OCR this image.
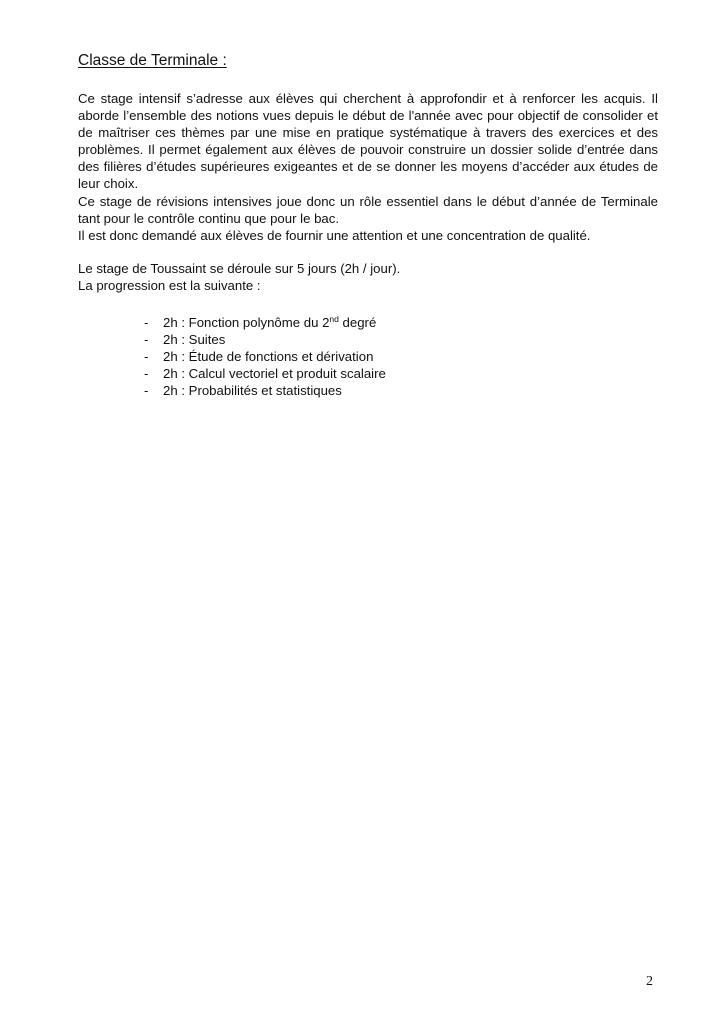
Classe de Terminale :

Ce stage intensif s’adresse aux élèves qui cherchent à approfondir et à renforcer les acquis. Il aborde l’ensemble des notions vues depuis le début de l'année avec pour objectif de consolider et de maîtriser ces thèmes par une mise en pratique systématique à travers des exercices et des problèmes. Il permet également aux élèves de pouvoir construire un dossier solide d’entrée dans des filières d’études supérieures exigeantes et de se donner les moyens d’accéder aux études de leur choix.

Ce stage de révisions intensives joue donc un rôle essentiel dans le début d’année de Terminale tant pour le contrôle continu que pour le bac.

Il est donc demandé aux élèves de fournir une attention et une concentration de qualité.

Le stage de Toussaint se déroule sur 5 jours (2h / jour).

La progression est la suivante :

- 2h : Fonction polynôme du 2nd degré
- 2h : Suites
- 2h : Étude de fonctions et dérivation
- 2h : Calcul vectoriel et produit scalaire
- 2h : Probabilités et statistiques
2
